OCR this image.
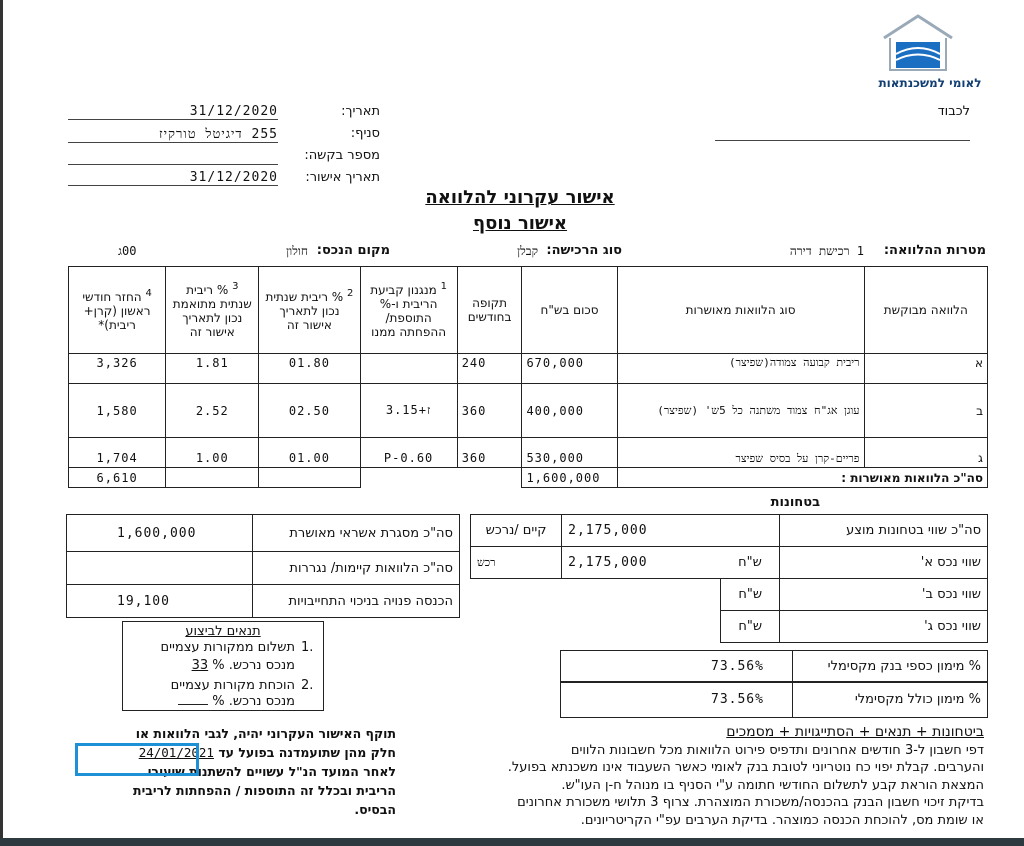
לאומי למשכנתאות
תאריך:
31/12/2020
סניף:
255 דיגיטל טורקיז
מספר בקשה:
תאריך אישור:
31/12/2020
לכבוד
אישור עקרוני להלוואה
אישור נוסף
מטרות ההלוואה:
1 רכישת דירה
סוג הרכישה:
קבלן
מקום הנכס:
חולון
00ג
הלוואה מבוקשת	סוג הלוואות מאושרות	סכום בש"ח	תקופה בחודשים	$^1$ מנגנון קביעת הריבית ו-% התוספת/ ההפחתה ממנו	$^2$ % ריבית שנתית נכון לתאריך אישור זה	$^3$ % ריבית שנתית מתואמת נכון לתאריך אישור זה	$^4$ החזר חודשי ראשון (קרן+ ריבית)*
א	ריבית קבועה צמודה(שפיצר)	670,000	240		01.80	1.81	3,326
ב	עוגן אג"ח צמוד משתנה כל 5ש' (שפיצר)	400,000	360	ז+3.15	02.50	2.52	1,580
ג	פריים-קרן על בסיס שפיצר	530,000	360	P-0.60	01.00	1.00	1,704
סה"כ הלוואות מאושרות :		1,600,000					6,610
בטחונות
סה"כ שווי בטחונות מוצע	2,175,000		קיים /נרכש
שווי נכס א'	ש"ח	2,175,000	רכש
שווי נכס ב'	ש"ח		
שווי נכס ג'	ש"ח		
% מימון כספי בנק מקסימלי	73.56%
% מימון כולל מקסימלי	73.56%
סה"כ מסגרת אשראי מאושרת	1,600,000
סה"כ הלוואות קיימות/ נגררות	
הכנסה פנויה בניכוי התחייבויות	19,100
תנאים לביצוע
1.
תשלום ממקורות עצמיים
מנכס נרכש. % 33
2.
הוכחת מקורות עצמיים
מנכס נרכש. %
תוקף האישור העקרוני יהיה, לגבי הלוואות או
חלק מהן שתועמדנה בפועל עד 24/01/2021
לאחר המועד הנ"ל עשויים להשתנות שיעורי
הריבית ובכלל זה התוספות / ההפחתות לריבית
הבסיס.
ביטחונות + תנאים + הסתייגויות + מסמכים
דפי חשבון ל-3 חודשים אחרונים ותדפיס פירוט הלוואות מכל חשבונות הלווים
והערבים. קבלת יפוי כח נוטריוני לטובת בנק לאומי כאשר השעבוד אינו משכנתא בפועל.
המצאת הוראת קבע לתשלום החודשי חתומה ע"י הסניף בו מנוהל ח-ן העו"ש.
בדיקת זיכוי חשבון הבנק בהכנסה/משכורת המוצהרת. צרוף 3 תלושי משכורת אחרונים
או שומת מס, להוכחת הכנסה כמוצהר. בדיקת הערבים עפ"י הקריטריונים.
